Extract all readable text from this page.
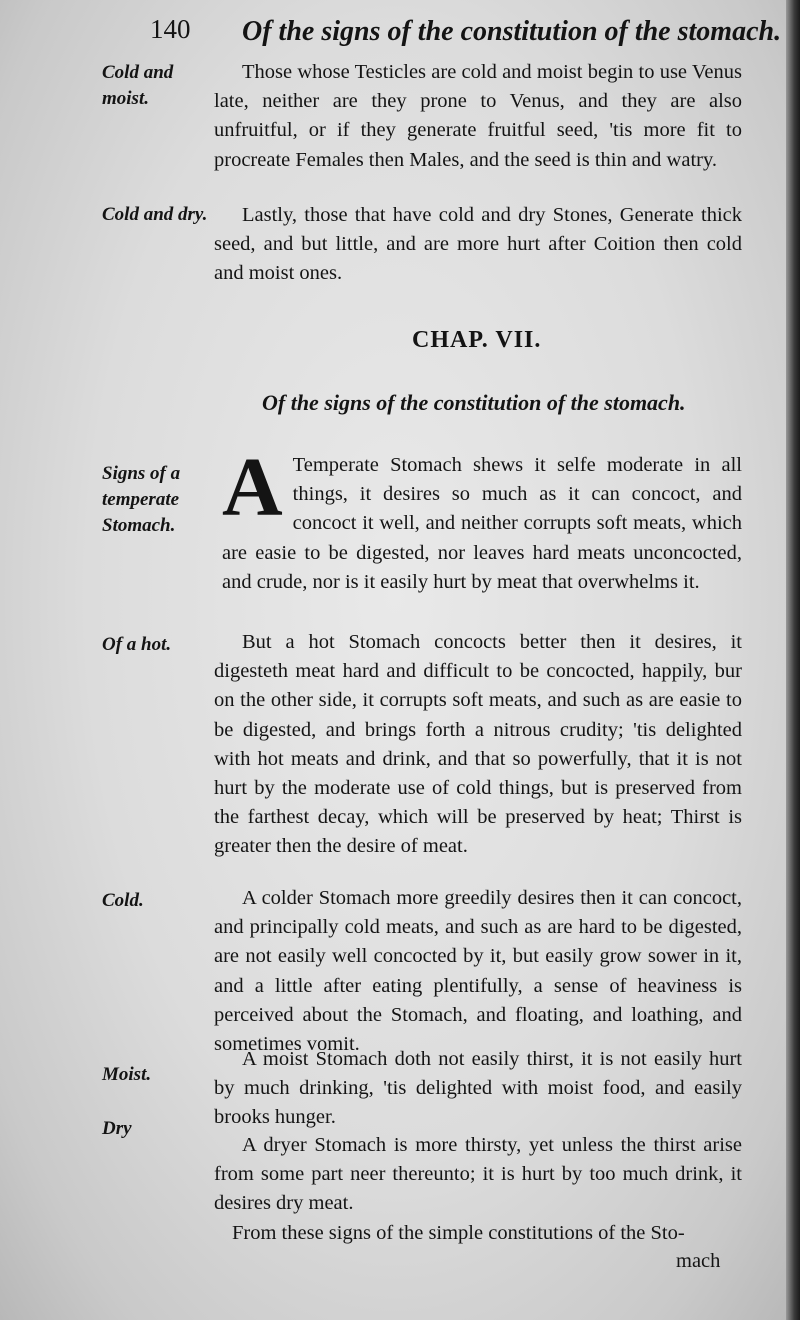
140 Of the signs of the constitution of the stomach.
Cold and moist.
Those whose Testicles are cold and moist begin to use Venus late, neither are they prone to Venus, and they are also unfruitful, or if they generate fruitful seed, 'tis more fit to procreate Females then Males, and the seed is thin and watry.
Cold and dry.	Lastly, those that have cold and dry Stones, Generate thick seed, and but little, and are more hurt after Coition then cold and moist ones.
CHAP. VII.
Of the signs of the constitution of the stomach.
Signs of a temperate Stomach. A Temperate Stomach shews it selfe moderate in all things, it desires so much as it can concoct, and concoct it well, and neither corrupts soft meats, which are easie to be digested, nor leaves hard meats unconcocted, and crude, nor is it easily hurt by meat that overwhelms it.
Of a hot.	But a hot Stomach concocts better then it desires, it digesteth meat hard and difficult to be concocted, happily, bur on the other side, it corrupts soft meats, and such as are easie to be digested, and brings forth a nitrous crudity; 'tis delighted with hot meats and drink, and that so powerfully, that it is not hurt by the moderate use of cold things, but is preserved from the farthest decay, which will be preserved by heat; Thirst is greater then the desire of meat.
Cold.	A colder Stomach more greedily desires then it can concoct, and principally cold meats, and such as are hard to be digested, are not easily well concocted by it, but easily grow sower in it, and a little after eating plentifully, a sense of heaviness is perceived about the Stomach, and floating, and loathing, and sometimes vomit.
Moist.
A moist Stomach doth not easily thirst, it is not easily hurt by much drinking, 'tis delighted with moist food, and easily brooks hunger.
Dry
A dryer Stomach is more thirsty, yet unless the thirst arise from some part neer thereunto; it is hurt by too much drink, it desires dry meat.
From these signs of the simple constitutions of the Sto-
mach
